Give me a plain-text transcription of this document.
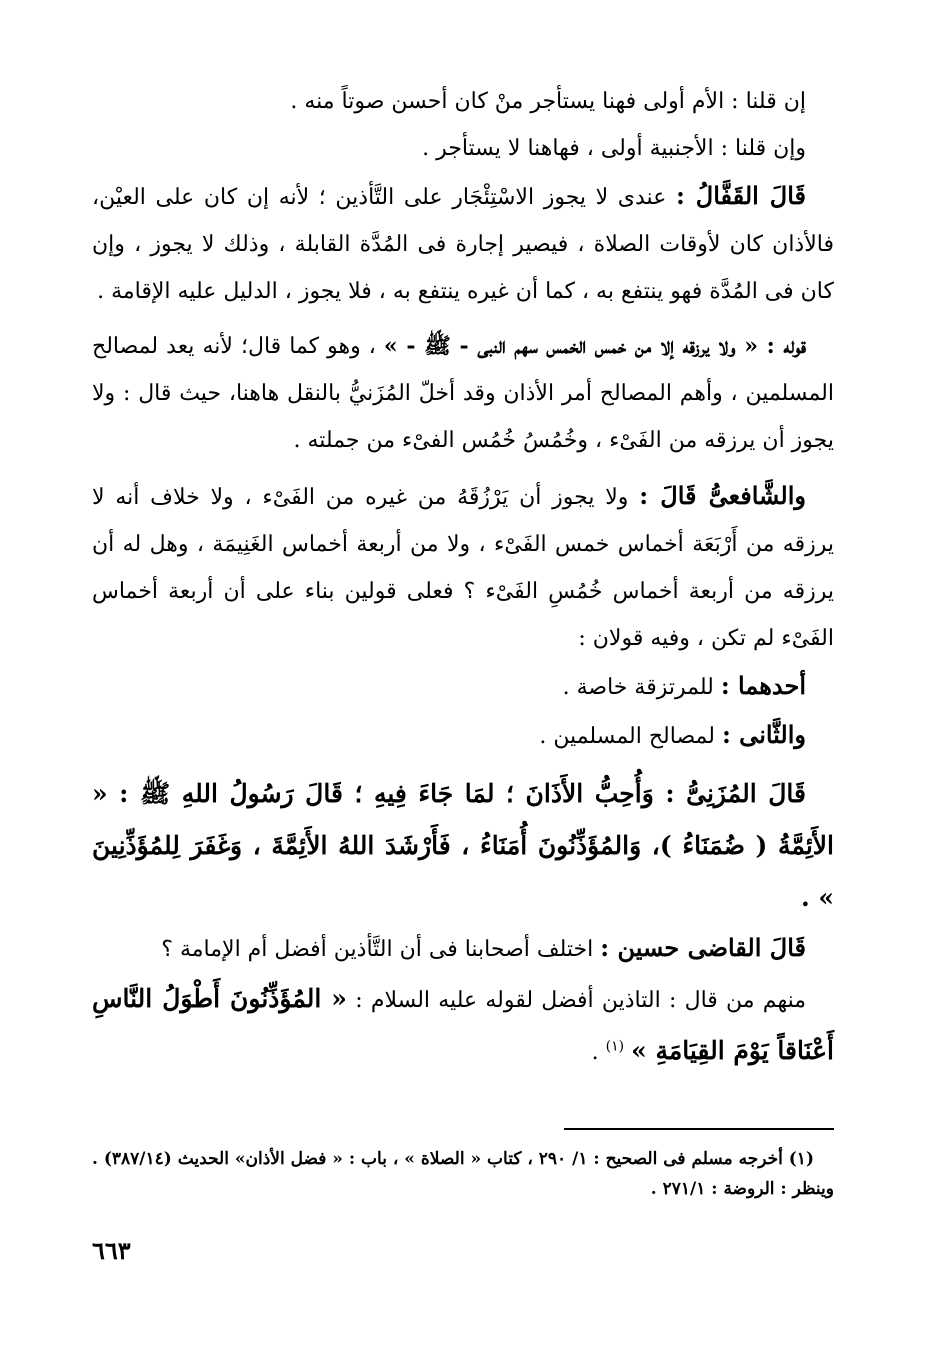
إن قلنا : الأم أولى فهنا يستأجر منْ كان أحسن صوتاً منه .

وإن قلنا : الأجنبية أولى ، فهاهنا لا يستأجر .

قَالَ القَفَّالُ : عندى لا يجوز الاسْتِئْجَار على التَّأذين ؛ لأنه إن كان على العيْن، فالأذان كان لأوقات الصلاة ، فيصير إجارة فى المُدَّة القابلة ، وذلك لا يجوز ، وإن كان فى المُدَّة فهو ينتفع به ، كما أن غيره ينتفع به ، فلا يجوز ، الدليل عليه الإقامة .

قوله : « ولا يرزقه إلا من خمس الخمس سهم النبى - ﷺ - » ، وهو كما قال؛ لأنه يعد لمصالح المسلمين ، وأهم المصالح أمر الأذان وقد أخلّ المُزَنيُّ بالنقل هاهنا، حيث قال : ولا يجوز أن يرزقه من الفَىْء ، وخُمُسُ خُمُس الفىْء من جملته .

والشَّافعىُّ قَالَ : ولا يجوز أن يَرْزُقَهُ من غيره من الفَىْء ، ولا خلاف أنه لا يرزقه من أَرْبَعَة أخماس خمس الفَىْء ، ولا من أربعة أخماس الغَنِيمَة ، وهل له أن يرزقه من أربعة أخماس خُمُسِ الفَىْء ؟ فعلى قولين بناء على أن أربعة أخماس الفَىْء لم تكن ، وفيه قولان :

أحدهما : للمرتزقة خاصة .

والثَّانى : لمصالح المسلمين .

قَالَ المُزَنِىُّ : وَأُحِبُّ الأَذَانَ ؛ لمَا جَاءَ فِيهِ ؛ قَالَ رَسُولُ اللهِ ﷺ : « الأَئِمَّةُ ( ضُمَنَاءُ )، وَالمُؤَذِّنُونَ أُمَنَاءُ ، فَأَرْشَدَ اللهُ الأَئِمَّةَ ، وَغَفَرَ لِلمُؤَذِّنِينَ » .

قَالَ القاضى حسين : اختلف أصحابنا فى أن التَّأذين أفضل أم الإمامة ؟

منهم من قال : التاذين أفضل لقوله عليه السلام : « المُؤَذِّنُونَ أَطْوَلُ النَّاسِ أَعْنَاقاً يَوْمَ القِيَامَةِ » $^{(١)}$ .

(١) أخرجه مسلم فى الصحيح : ١/ ٢٩٠ ، كتاب « الصلاة » ، باب : « فضل الأذان» الحديث (٣٨٧/١٤) . وينظر : الروضة : ٢٧١/١ .

٦٦٣
